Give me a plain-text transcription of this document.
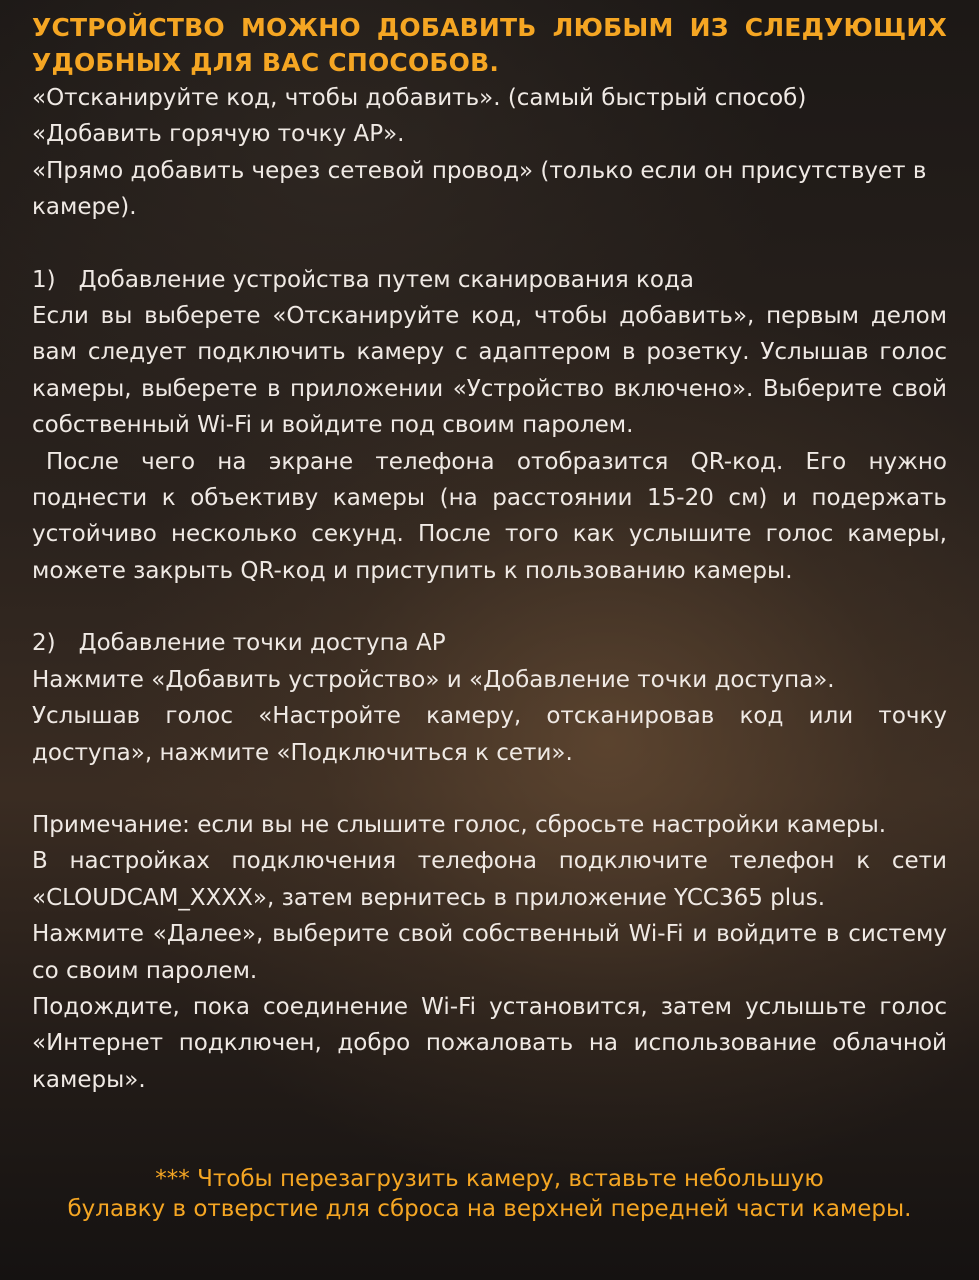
УСТРОЙСТВО МОЖНО ДОБАВИТЬ ЛЮБЫМ ИЗ СЛЕДУЮЩИХ
УДОБНЫХ ДЛЯ ВАС СПОСОБОВ.

«Отсканируйте код, чтобы добавить». (самый быстрый способ)

«Добавить горячую точку АР».

«Прямо добавить через сетевой провод» (только если он присутствует в камере).

1) Добавление устройства путем сканирования кода

Если вы выберете «Отсканируйте код, чтобы добавить», первым делом вам следует подключить камеру с адаптером в розетку. Услышав голос камеры, выберете в приложении «Устройство включено». Выберите свой собственный Wi-Fi и войдите под своим паролем.

После чего на экране телефона отобразится QR-код. Его нужно поднести к объективу камеры (на расстоянии 15-20 см) и подержать устойчиво несколько секунд. После того как услышите голос камеры, можете закрыть QR-код и приступить к пользованию камеры.

2) Добавление точки доступа АР

Нажмите «Добавить устройство» и «Добавление точки доступа».

Услышав голос «Настройте камеру, отсканировав код или точку доступа», нажмите «Подключиться к сети».

Примечание: если вы не слышите голос, сбросьте настройки камеры.

В настройках подключения телефона подключите телефон к сети «CLOUDCAM_XXXX», затем вернитесь в приложение YCC365 plus.

Нажмите «Далее», выберите свой собственный Wi-Fi и войдите в систему со своим паролем.

Подождите, пока соединение Wi-Fi установится, затем услышьте голос «Интернет подключен, добро пожаловать на использование облачной камеры».

*** Чтобы перезагрузить камеру, вставьте небольшую
булавку в отверстие для сброса на верхней передней части камеры.
